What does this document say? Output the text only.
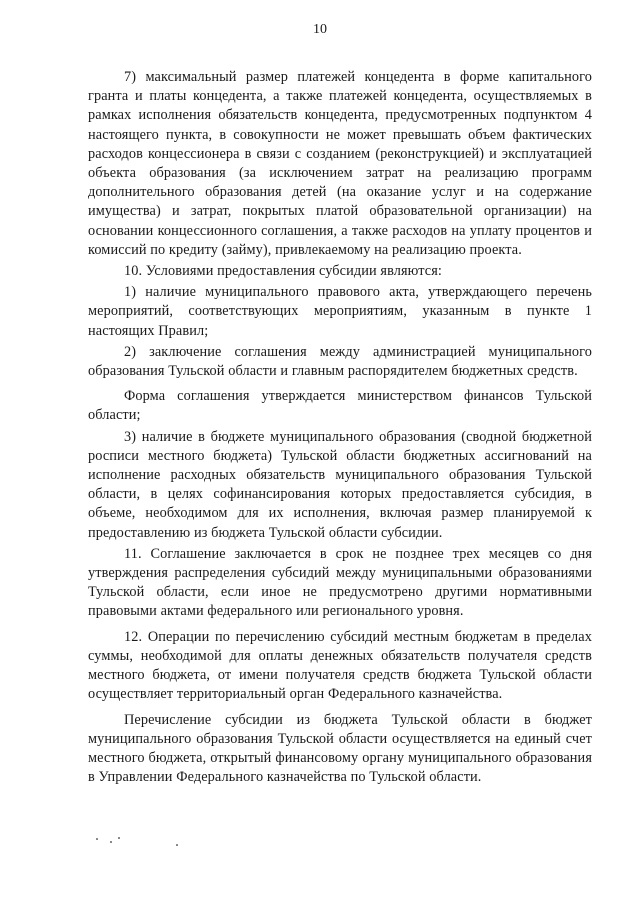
10

7) максимальный размер платежей концедента в форме капитального гранта и платы концедента, а также платежей концедента, осуществляемых в рамках исполнения обязательств концедента, предусмотренных подпунктом 4 настоящего пункта, в совокупности не может превышать объем фактических расходов концессионера в связи с созданием (реконструкцией) и эксплуатацией объекта образования (за исключением затрат на реализацию программ дополнительного образования детей (на оказание услуг и на содержание имущества) и затрат, покрытых платой образовательной организации) на основании концессионного соглашения, а также расходов на уплату процентов и комиссий по кредиту (займу), привлекаемому на реализацию проекта.

10. Условиями предоставления субсидии являются:

1) наличие муниципального правового акта, утверждающего перечень мероприятий, соответствующих мероприятиям, указанным в пункте 1 настоящих Правил;

2) заключение соглашения между администрацией муниципального образования Тульской области и главным распорядителем бюджетных средств.

Форма соглашения утверждается министерством финансов Тульской области;

3) наличие в бюджете муниципального образования (сводной бюджетной росписи местного бюджета) Тульской области бюджетных ассигнований на исполнение расходных обязательств муниципального образования Тульской области, в целях софинансирования которых предоставляется субсидия, в объеме, необходимом для их исполнения, включая размер планируемой к предоставлению из бюджета Тульской области субсидии.

11. Соглашение заключается в срок не позднее трех месяцев со дня утверждения распределения субсидий между муниципальными образованиями Тульской области, если иное не предусмотрено другими нормативными правовыми актами федерального или регионального уровня.

12. Операции по перечислению субсидий местным бюджетам в пределах суммы, необходимой для оплаты денежных обязательств получателя средств местного бюджета, от имени получателя средств бюджета Тульской области осуществляет территориальный орган Федерального казначейства.

Перечисление субсидии из бюджета Тульской области в бюджет муниципального образования Тульской области осуществляется на единый счет местного бюджета, открытый финансовому органу муниципального образования в Управлении Федерального казначейства по Тульской области.
